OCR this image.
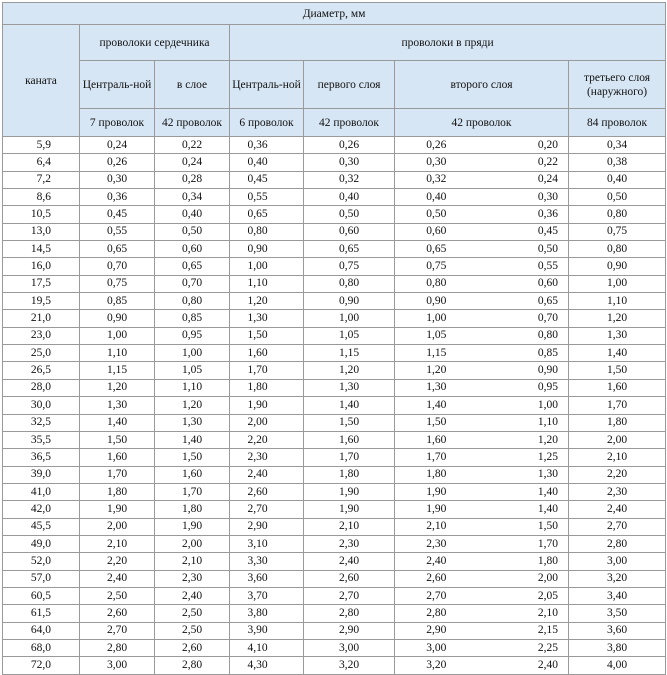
Диаметр, мм							
каната	проволоки сердечника		проволоки в пряди				
	Централь-ной	в слое	Централь-ной	первого слоя	второго слоя		третьего слоя (наружного)
	7 проволок	42 проволок	6 проволок	42 проволок	42 проволок		84 проволок
5,9	0,24	0,22	0,36	0,26	0,26	0,20	0,34
6,4	0,26	0,24	0,40	0,30	0,30	0,22	0,38
7,2	0,30	0,28	0,45	0,32	0,32	0,24	0,40
8,6	0,36	0,34	0,55	0,40	0,40	0,30	0,50
10,5	0,45	0,40	0,65	0,50	0,50	0,36	0,80
13,0	0,55	0,50	0,80	0,60	0,60	0,45	0,75
14,5	0,65	0,60	0,90	0,65	0,65	0,50	0,80
16,0	0,70	0,65	1,00	0,75	0,75	0,55	0,90
17,5	0,75	0,70	1,10	0,80	0,80	0,60	1,00
19,5	0,85	0,80	1,20	0,90	0,90	0,65	1,10
21,0	0,90	0,85	1,30	1,00	1,00	0,70	1,20
23,0	1,00	0,95	1,50	1,05	1,05	0,80	1,30
25,0	1,10	1,00	1,60	1,15	1,15	0,85	1,40
26,5	1,15	1,05	1,70	1,20	1,20	0,90	1,50
28,0	1,20	1,10	1,80	1,30	1,30	0,95	1,60
30,0	1,30	1,20	1,90	1,40	1,40	1,00	1,70
32,5	1,40	1,30	2,00	1,50	1,50	1,10	1,80
35,5	1,50	1,40	2,20	1,60	1,60	1,20	2,00
36,5	1,60	1,50	2,30	1,70	1,70	1,25	2,10
39,0	1,70	1,60	2,40	1,80	1,80	1,30	2,20
41,0	1,80	1,70	2,60	1,90	1,90	1,40	2,30
42,0	1,90	1,80	2,70	1,90	1,90	1,40	2,40
45,5	2,00	1,90	2,90	2,10	2,10	1,50	2,70
49,0	2,10	2,00	3,10	2,30	2,30	1,70	2,80
52,0	2,20	2,10	3,30	2,40	2,40	1,80	3,00
57,0	2,40	2,30	3,60	2,60	2,60	2,00	3,20
60,5	2,50	2,40	3,70	2,70	2,70	2,05	3,40
61,5	2,60	2,50	3,80	2,80	2,80	2,10	3,50
64,0	2,70	2,50	3,90	2,90	2,90	2,15	3,60
68,0	2,80	2,60	4,10	3,00	3,00	2,25	3,80
72,0	3,00	2,80	4,30	3,20	3,20	2,40	4,00
